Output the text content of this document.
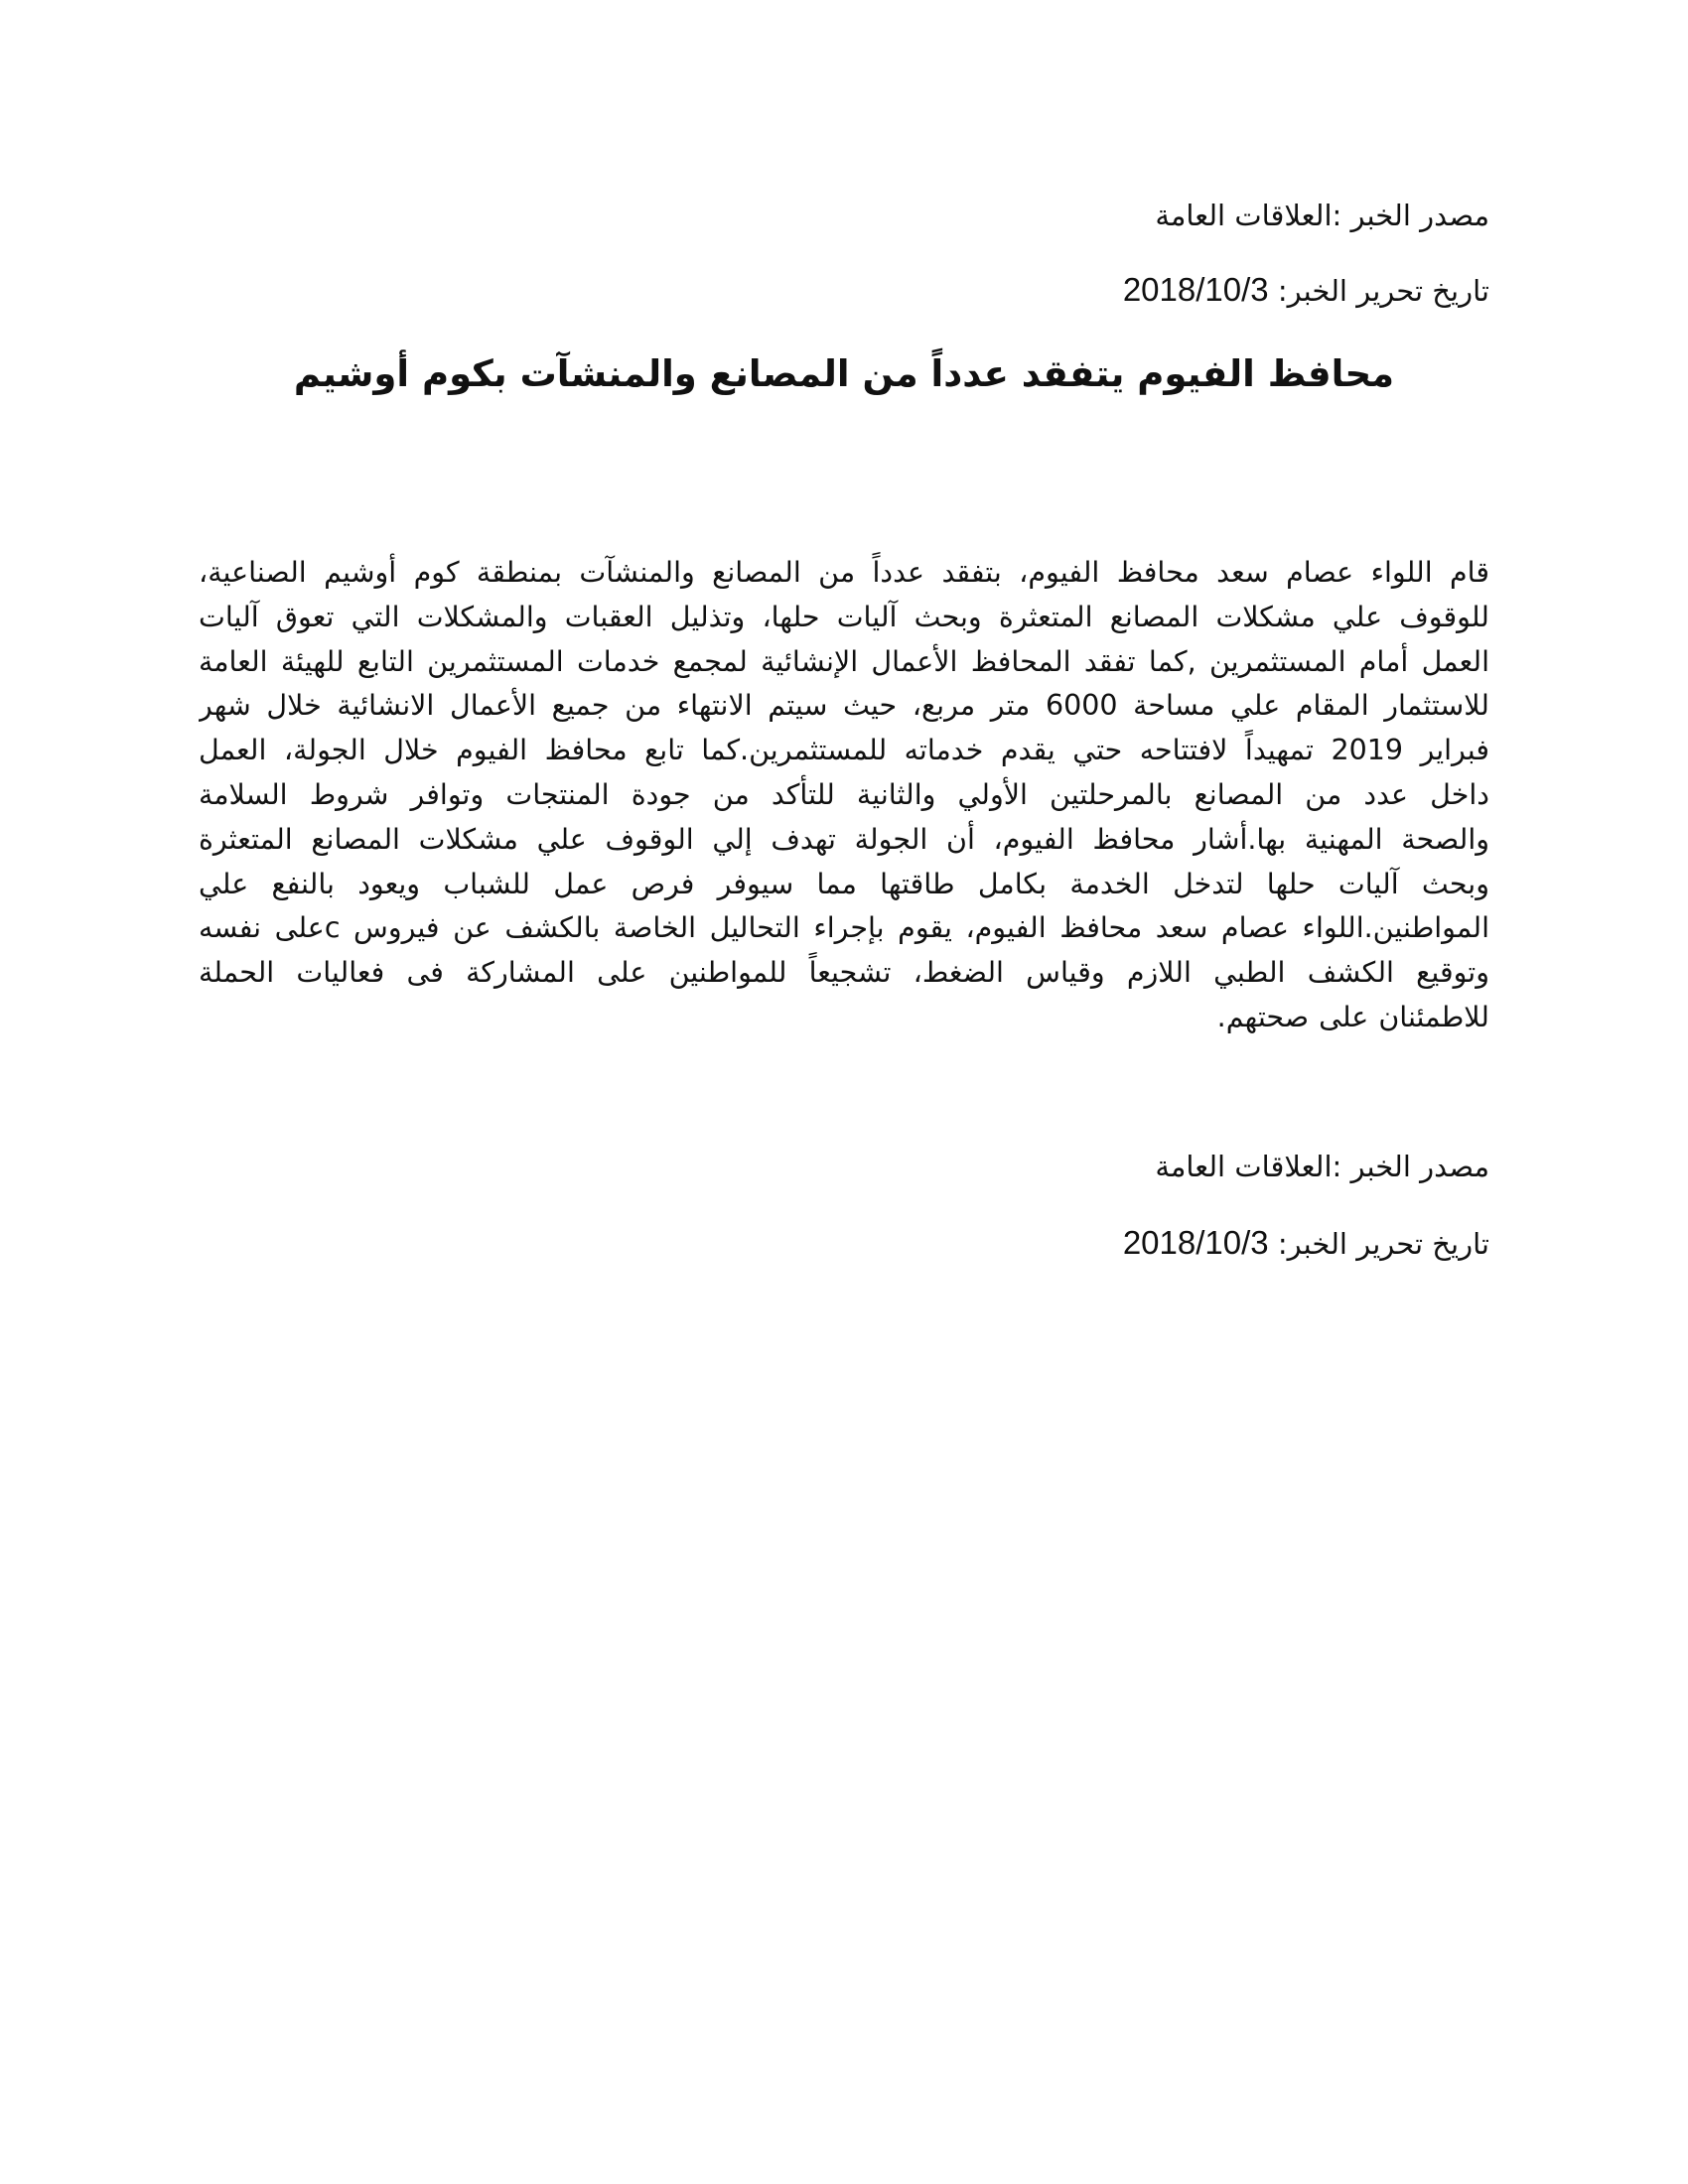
مصدر الخبر :العلاقات العامة
تاريخ تحرير الخبر: 2018/10/3
محافظ الفيوم يتفقد عدداً من المصانع والمنشآت بكوم أوشيم
قام اللواء عصام سعد محافظ الفيوم، بتفقد عدداً من المصانع والمنشآت بمنطقة كوم أوشيم الصناعية،
للوقوف علي مشكلات المصانع المتعثرة وبحث آليات حلها، وتذليل العقبات والمشكلات التي تعوق آليات
العمل أمام المستثمرين ,كما تفقد المحافظ الأعمال الإنشائية لمجمع خدمات المستثمرين التابع للهيئة العامة
للاستثمار المقام علي مساحة 6000 متر مربع، حيث سيتم الانتهاء من جميع الأعمال الانشائية خلال شهر
فبراير 2019 تمهيداً لافتتاحه حتي يقدم خدماته للمستثمرين.كما تابع محافظ الفيوم خلال الجولة، العمل
داخل عدد من المصانع بالمرحلتين الأولي والثانية للتأكد من جودة المنتجات وتوافر شروط السلامة
والصحة المهنية بها.أشار محافظ الفيوم، أن الجولة تهدف إلي الوقوف علي مشكلات المصانع المتعثرة
وبحث آليات حلها لتدخل الخدمة بكامل طاقتها مما سيوفر فرص عمل للشباب ويعود بالنفع علي
المواطنين.اللواء عصام سعد محافظ الفيوم، يقوم بإجراء التحاليل الخاصة بالكشف عن فيروس cعلى نفسه
وتوقيع الكشف الطبي اللازم وقياس الضغط، تشجيعاً للمواطنين على المشاركة فى فعاليات الحملة
للاطمئنان على صحتهم.
مصدر الخبر :العلاقات العامة
تاريخ تحرير الخبر: 2018/10/3
